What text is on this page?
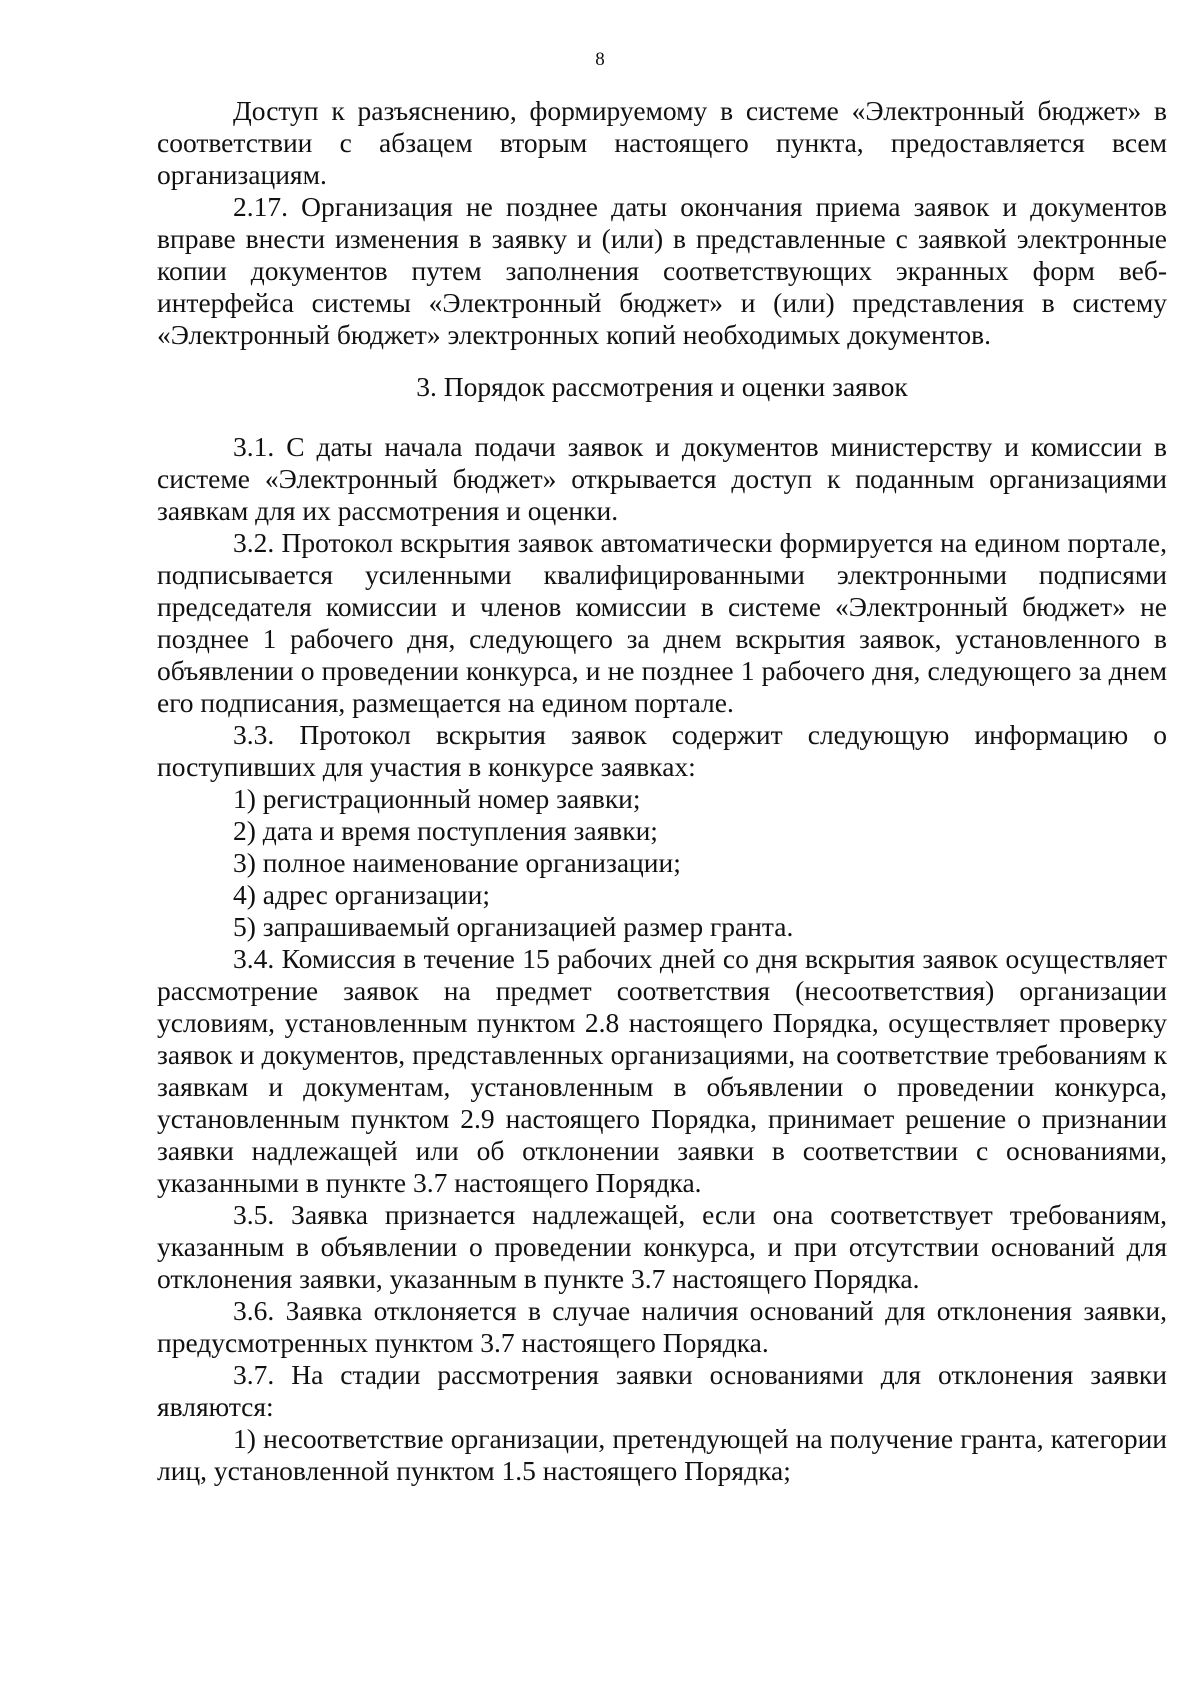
8

Доступ к разъяснению, формируемому в системе «Электронный бюджет» в соответствии с абзацем вторым настоящего пункта, предоставляется всем организациям.

2.17. Организация не позднее даты окончания приема заявок и документов вправе внести изменения в заявку и (или) в представленные с заявкой электронные копии документов путем заполнения соответствующих экранных форм веб-интерфейса системы «Электронный бюджет» и (или) представления в систему «Электронный бюджет» электронных копий необходимых документов.

3. Порядок рассмотрения и оценки заявок

3.1. С даты начала подачи заявок и документов министерству и комиссии в системе «Электронный бюджет» открывается доступ к поданным организациями заявкам для их рассмотрения и оценки.

3.2. Протокол вскрытия заявок автоматически формируется на едином портале, подписывается усиленными квалифицированными электронными подписями председателя комиссии и членов комиссии в системе «Электронный бюджет» не позднее 1 рабочего дня, следующего за днем вскрытия заявок, установленного в объявлении о проведении конкурса, и не позднее 1 рабочего дня, следующего за днем его подписания, размещается на едином портале.

3.3. Протокол вскрытия заявок содержит следующую информацию о поступивших для участия в конкурсе заявках:

1) регистрационный номер заявки;

2) дата и время поступления заявки;

3) полное наименование организации;

4) адрес организации;

5) запрашиваемый организацией размер гранта.

3.4. Комиссия в течение 15 рабочих дней со дня вскрытия заявок осуществляет рассмотрение заявок на предмет соответствия (несоответствия) организации условиям, установленным пунктом 2.8 настоящего Порядка, осуществляет проверку заявок и документов, представленных организациями, на соответствие требованиям к заявкам и документам, установленным в объявлении о проведении конкурса, установленным пунктом 2.9 настоящего Порядка, принимает решение о признании заявки надлежащей или об отклонении заявки в соответствии с основаниями, указанными в пункте 3.7 настоящего Порядка.

3.5. Заявка признается надлежащей, если она соответствует требованиям, указанным в объявлении о проведении конкурса, и при отсутствии оснований для отклонения заявки, указанным в пункте 3.7 настоящего Порядка.

3.6. Заявка отклоняется в случае наличия оснований для отклонения заявки, предусмотренных пунктом 3.7 настоящего Порядка.

3.7. На стадии рассмотрения заявки основаниями для отклонения заявки являются:

1) несоответствие организации, претендующей на получение гранта, категории лиц, установленной пунктом 1.5 настоящего Порядка;
